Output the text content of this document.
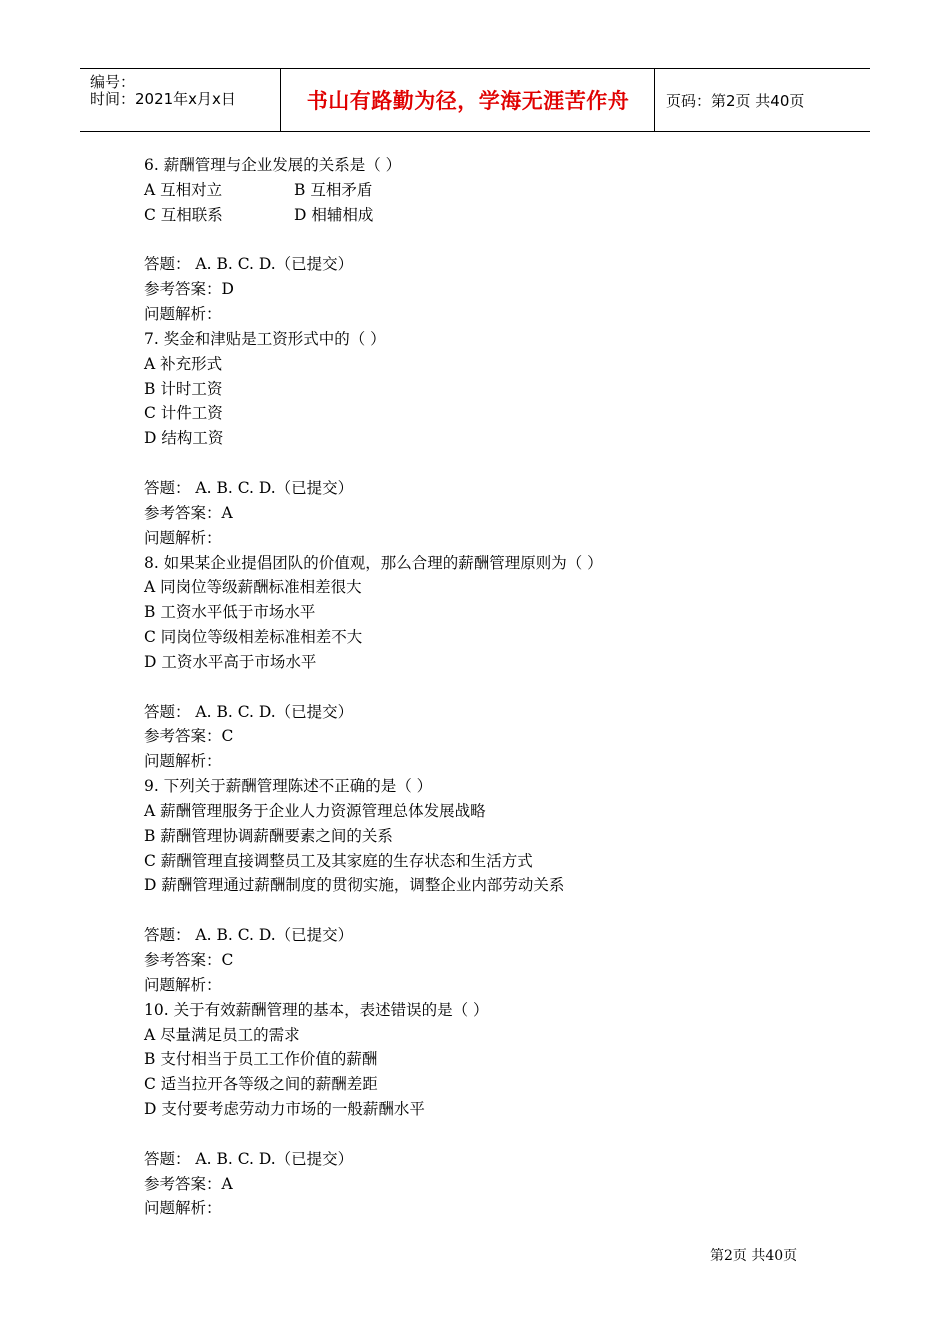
编号：
时间：2021年x月x日	书山有路勤为径，学海无涯苦作舟	页码：第2页 共40页
6. 薪酬管理与企业发展的关系是（ ）
A 互相对立	B 互相矛盾
C 互相联系	D 相辅相成
答题： A. B. C. D.（已提交）
参考答案：D
问题解析：
7. 奖金和津贴是工资形式中的（ ）
A 补充形式
B 计时工资
C 计件工资
D 结构工资
答题： A. B. C. D.（已提交）
参考答案：A
问题解析：
8. 如果某企业提倡团队的价值观，那么合理的薪酬管理原则为（ ）
A 同岗位等级薪酬标准相差很大
B 工资水平低于市场水平
C 同岗位等级相差标准相差不大
D 工资水平高于市场水平
答题： A. B. C. D.（已提交）
参考答案：C
问题解析：
9. 下列关于薪酬管理陈述不正确的是（ ）
A 薪酬管理服务于企业人力资源管理总体发展战略
B 薪酬管理协调薪酬要素之间的关系
C 薪酬管理直接调整员工及其家庭的生存状态和生活方式
D 薪酬管理通过薪酬制度的贯彻实施，调整企业内部劳动关系
答题： A. B. C. D.（已提交）
参考答案：C
问题解析：
10. 关于有效薪酬管理的基本，表述错误的是（ ）
A 尽量满足员工的需求
B 支付相当于员工工作价值的薪酬
C 适当拉开各等级之间的薪酬差距
D 支付要考虑劳动力市场的一般薪酬水平
答题： A. B. C. D.（已提交）
参考答案：A
问题解析：
第2页 共40页
